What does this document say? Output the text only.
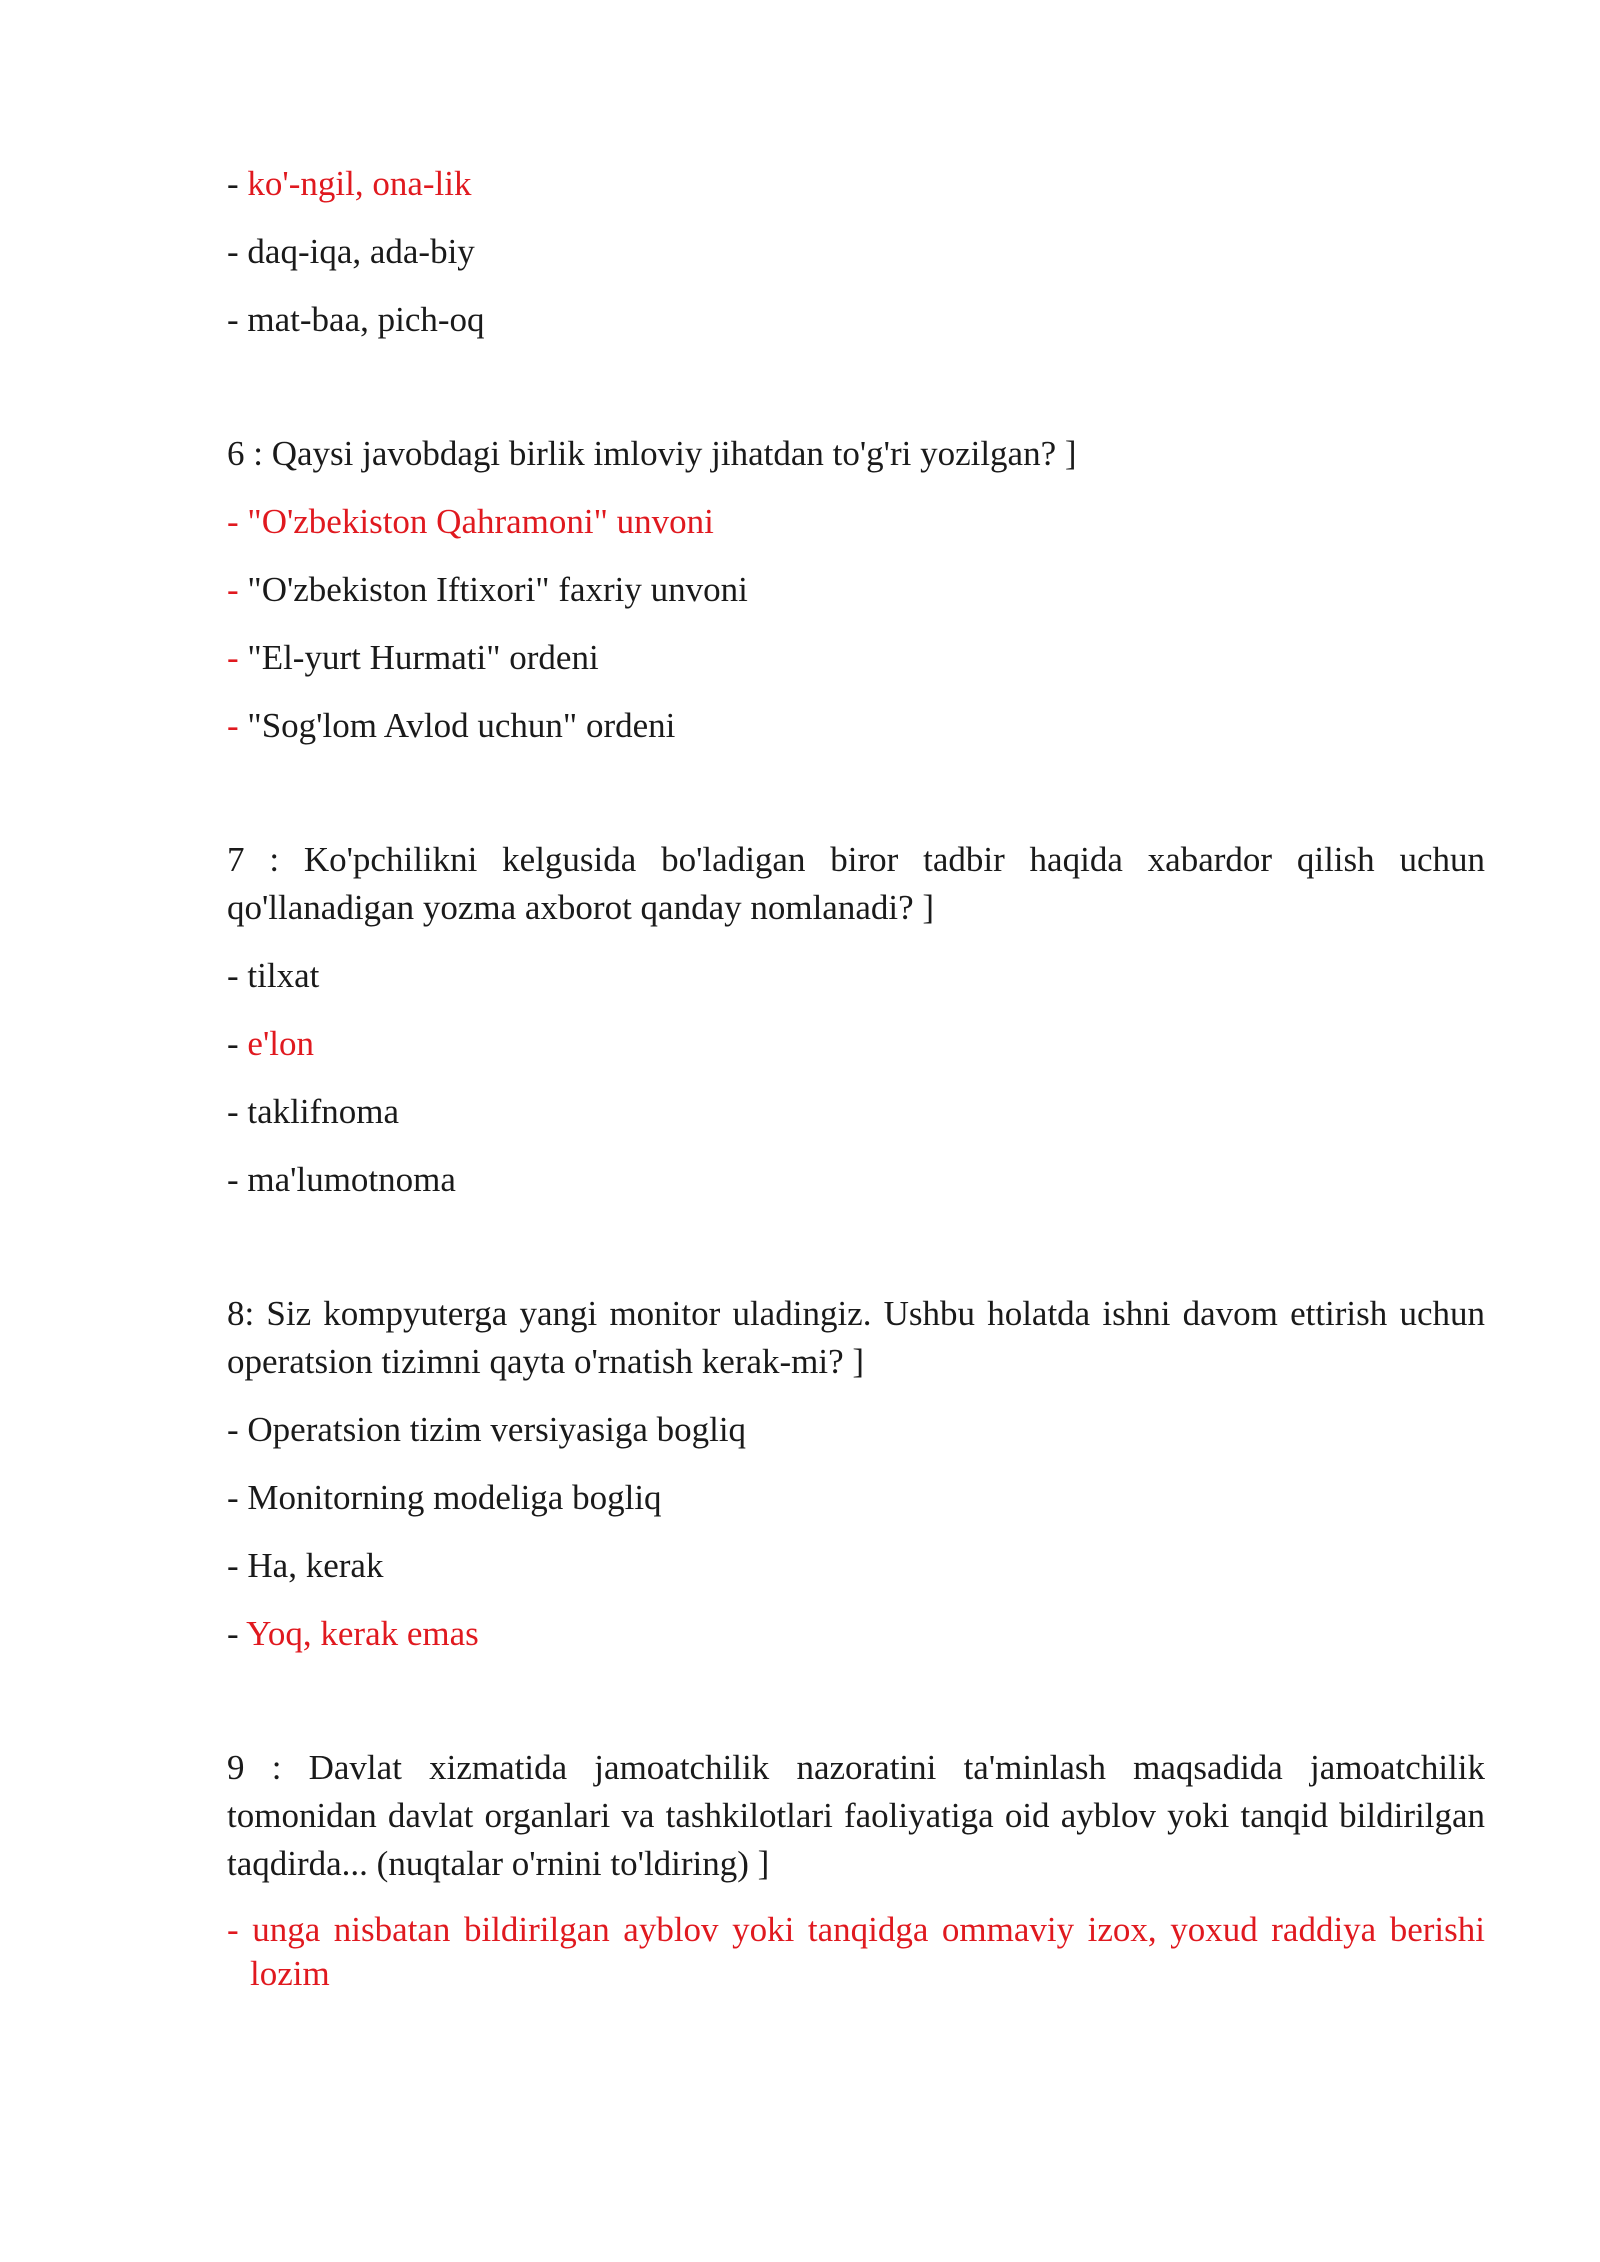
- ko'-ngil, ona-lik
- daq-iqa, ada-biy
- mat-baa, pich-oq
6 : Qaysi javobdagi birlik imloviy jihatdan to'g'ri yozilgan? ]
- "O'zbekiston Qahramoni" unvoni
- "O'zbekiston Iftixori" faxriy unvoni
- "El-yurt Hurmati" ordeni
- "Sog'lom Avlod uchun" ordeni
7 : Ko'pchilikni kelgusida bo'ladigan biror tadbir haqida xabardor qilish uchun qo'llanadigan yozma axborot qanday nomlanadi? ]
- tilxat
- e'lon
- taklifnoma
- ma'lumotnoma
8: Siz kompyuterga yangi monitor uladingiz. Ushbu holatda ishni davom ettirish uchun operatsion tizimni qayta o'rnatish kerak-mi? ]
- Operatsion tizim versiyasiga bogliq
- Monitorning modeliga bogliq
- Ha, kerak
- Yoq, kerak emas
9 : Davlat xizmatida jamoatchilik nazoratini ta'minlash maqsadida jamoatchilik tomonidan davlat organlari va tashkilotlari faoliyatiga oid ayblov yoki tanqid bildirilgan taqdirda... (nuqtalar o'rnini to'ldiring) ]
- unga nisbatan bildirilgan ayblov yoki tanqidga ommaviy izox, yoxud raddiya berishi lozim
